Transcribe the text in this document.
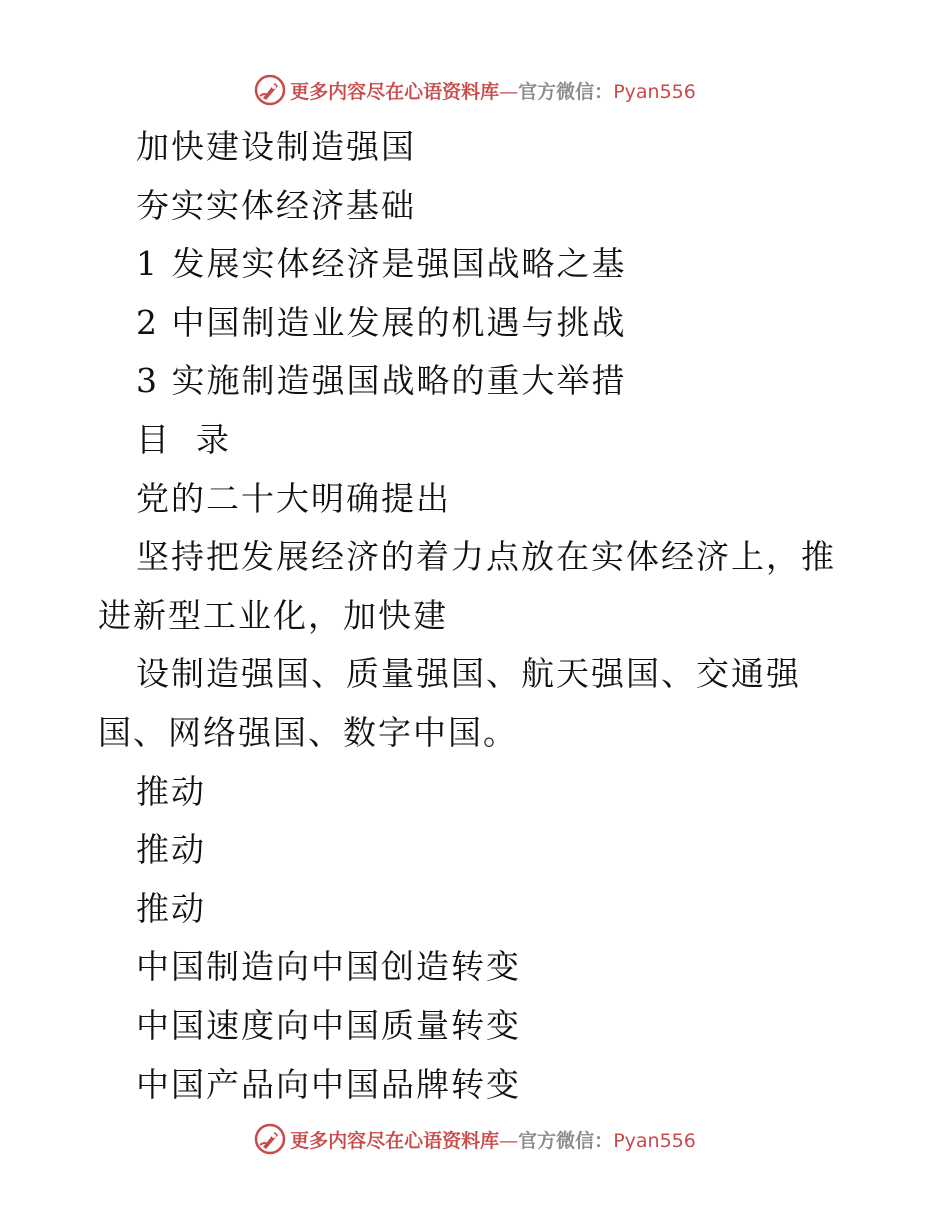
更多内容尽在心语资料库—官方微信：Pyan556

加快建设制造强国

夯实实体经济基础

1 发展实体经济是强国战略之基

2 中国制造业发展的机遇与挑战

3 实施制造强国战略的重大举措

目  录

党的二十大明确提出

坚持把发展经济的着力点放在实体经济上，推进新型工业化，加快建

设制造强国、质量强国、航天强国、交通强国、网络强国、数字中国。

推动

推动

推动

中国制造向中国创造转变

中国速度向中国质量转变

中国产品向中国品牌转变

更多内容尽在心语资料库—官方微信：Pyan556
